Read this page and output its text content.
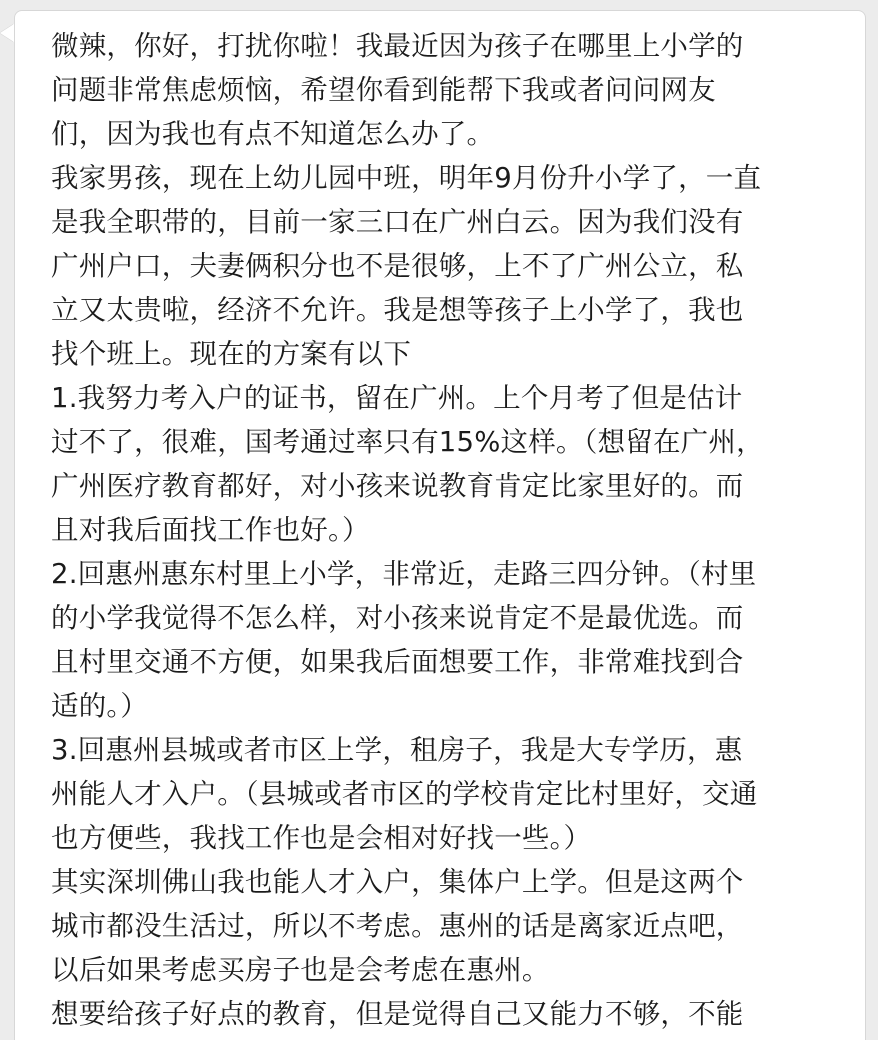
微辣，你好，打扰你啦！我最近因为孩子在哪里上小学的
问题非常焦虑烦恼，希望你看到能帮下我或者问问网友
们，因为我也有点不知道怎么办了。
我家男孩，现在上幼儿园中班，明年9月份升小学了，一直
是我全职带的，目前一家三口在广州白云。因为我们没有
广州户口，夫妻俩积分也不是很够，上不了广州公立，私
立又太贵啦，经济不允许。我是想等孩子上小学了，我也
找个班上。现在的方案有以下
1.我努力考入户的证书，留在广州。上个月考了但是估计
过不了，很难，国考通过率只有15%这样。（想留在广州，
广州医疗教育都好，对小孩来说教育肯定比家里好的。而
且对我后面找工作也好。）
2.回惠州惠东村里上小学，非常近，走路三四分钟。（村里
的小学我觉得不怎么样，对小孩来说肯定不是最优选。而
且村里交通不方便，如果我后面想要工作，非常难找到合
适的。）
3.回惠州县城或者市区上学，租房子，我是大专学历，惠
州能人才入户。（县城或者市区的学校肯定比村里好，交通
也方便些，我找工作也是会相对好找一些。）
其实深圳佛山我也能人才入户，集体户上学。但是这两个
城市都没生活过，所以不考虑。惠州的话是离家近点吧，
以后如果考虑买房子也是会考虑在惠州。
想要给孩子好点的教育，但是觉得自己又能力不够，不能
